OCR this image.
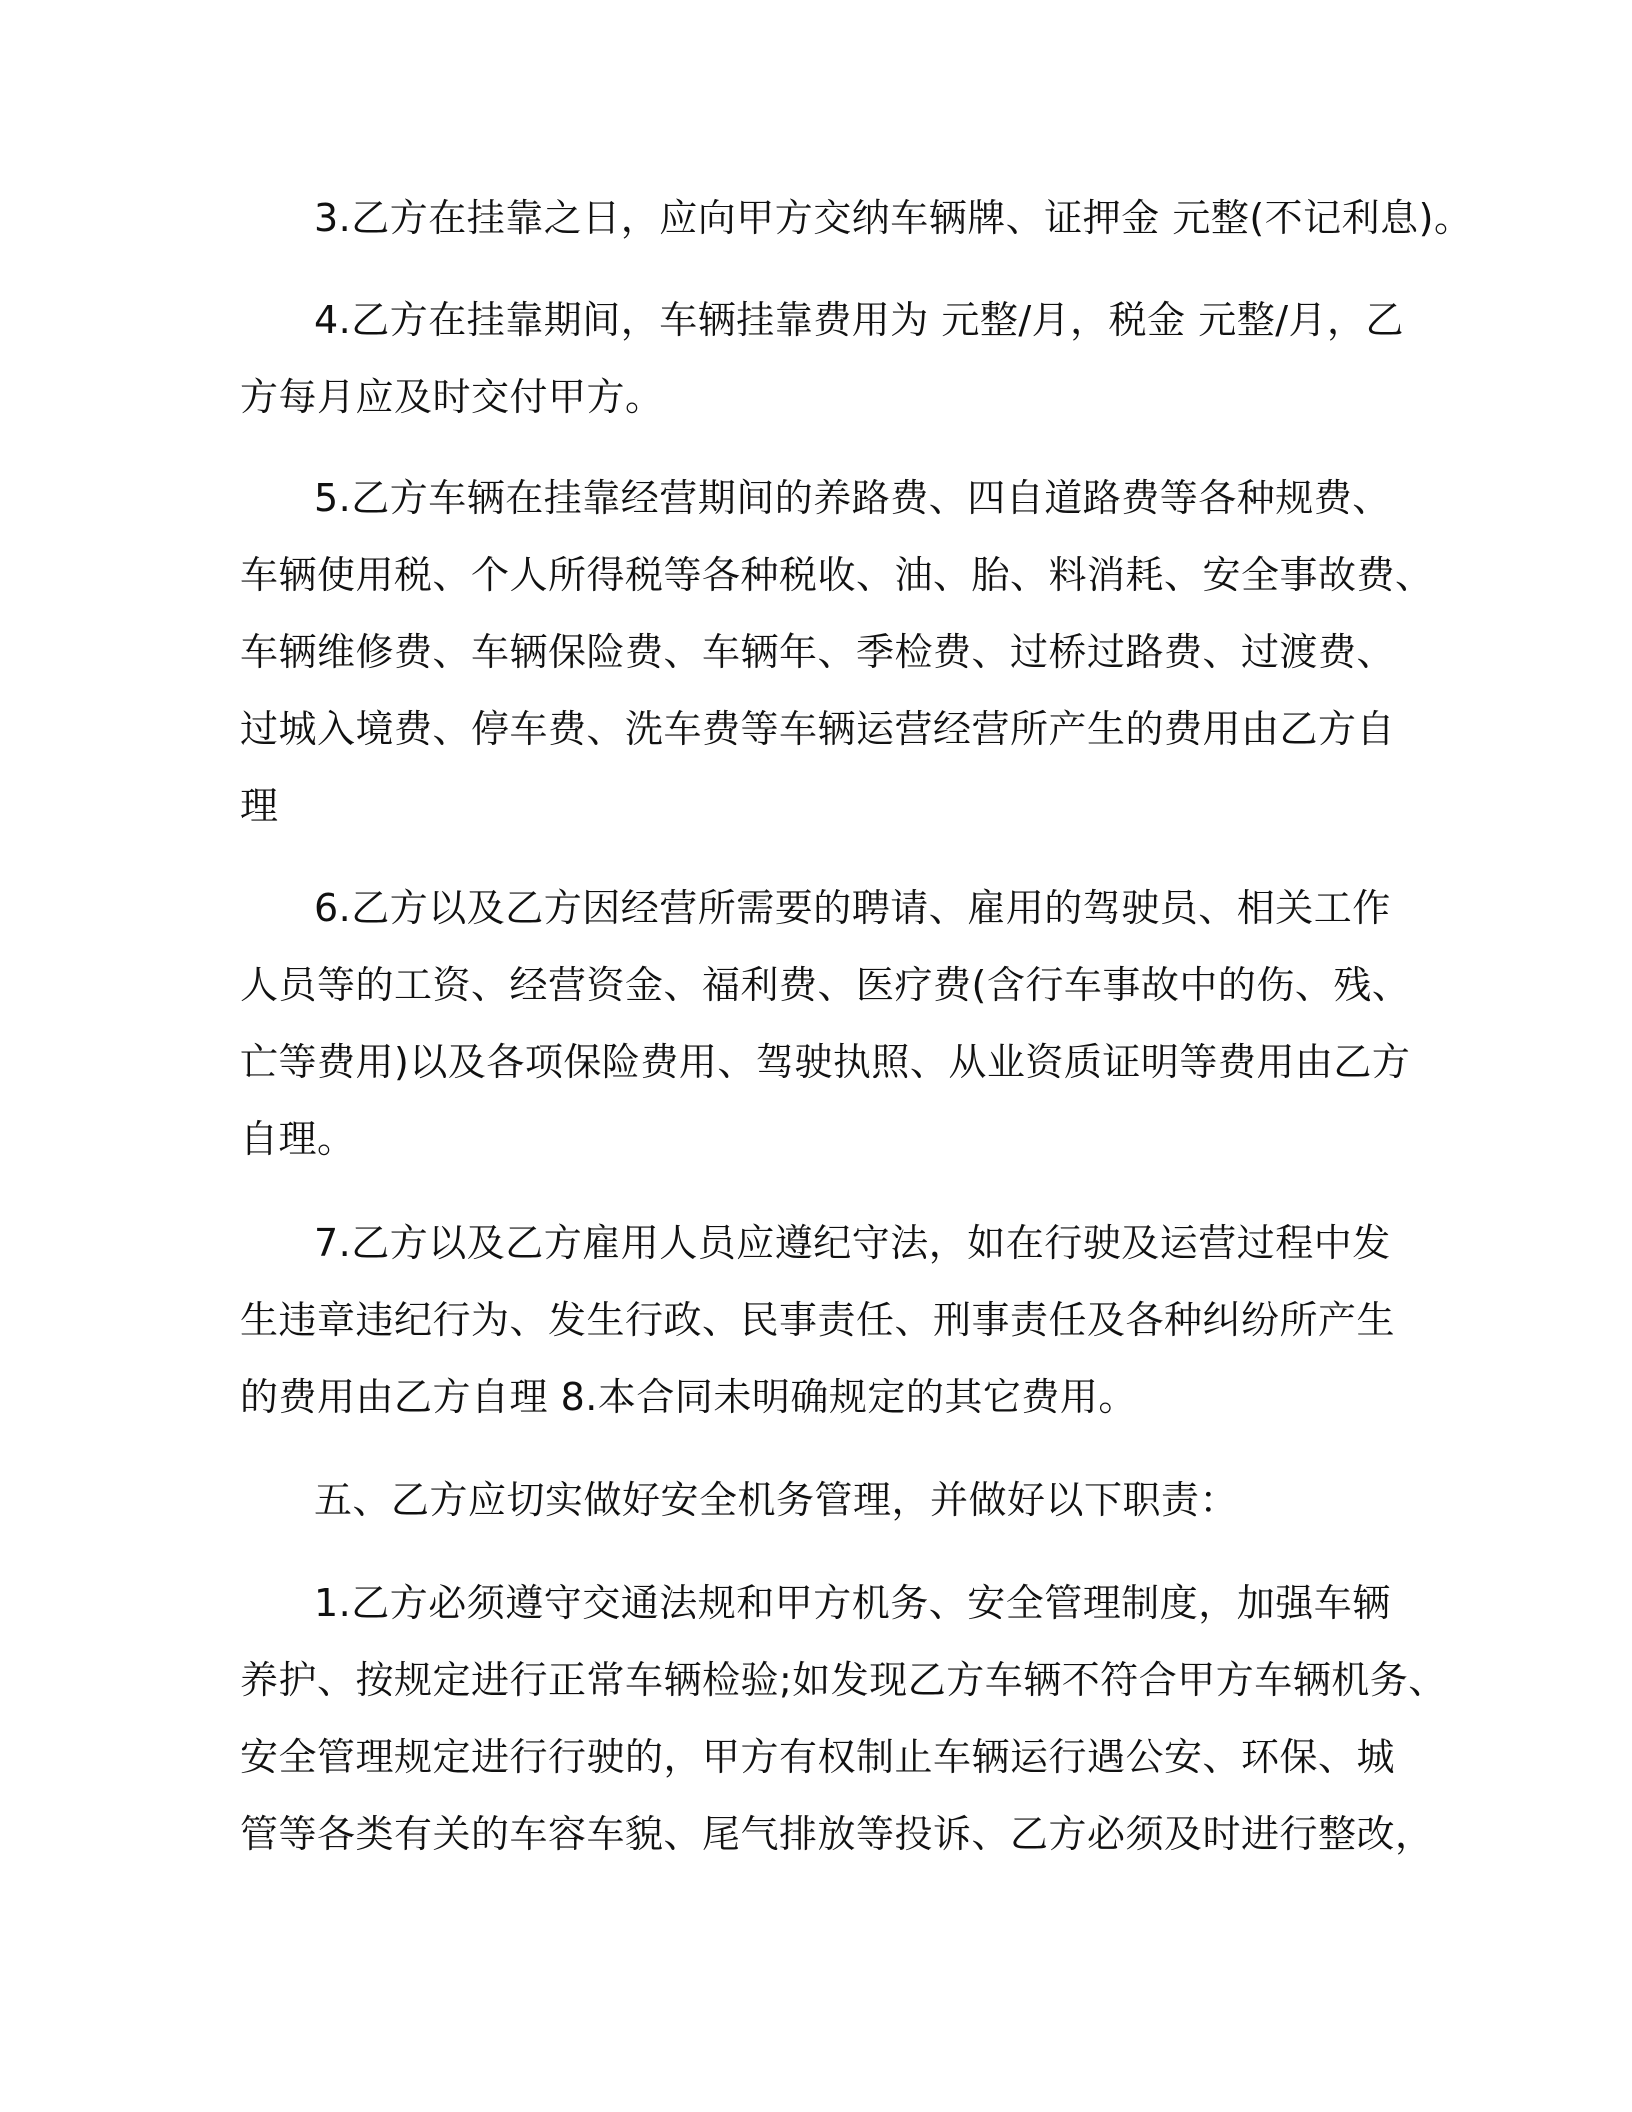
3.乙方在挂靠之日，应向甲方交纳车辆牌、证押金 元整(不记利息)。
4.乙方在挂靠期间，车辆挂靠费用为 元整/月，税金 元整/月，乙
方每月应及时交付甲方。
5.乙方车辆在挂靠经营期间的养路费、四自道路费等各种规费、
车辆使用税、个人所得税等各种税收、油、胎、料消耗、安全事故费、
车辆维修费、车辆保险费、车辆年、季检费、过桥过路费、过渡费、
过城入境费、停车费、洗车费等车辆运营经营所产生的费用由乙方自
理
6.乙方以及乙方因经营所需要的聘请、雇用的驾驶员、相关工作
人员等的工资、经营资金、福利费、医疗费(含行车事故中的伤、残、
亡等费用)以及各项保险费用、驾驶执照、从业资质证明等费用由乙方
自理。
7.乙方以及乙方雇用人员应遵纪守法，如在行驶及运营过程中发
生违章违纪行为、发生行政、民事责任、刑事责任及各种纠纷所产生
的费用由乙方自理 8.本合同未明确规定的其它费用。
五、乙方应切实做好安全机务管理，并做好以下职责：
1.乙方必须遵守交通法规和甲方机务、安全管理制度，加强车辆
养护、按规定进行正常车辆检验;如发现乙方车辆不符合甲方车辆机务、
安全管理规定进行行驶的，甲方有权制止车辆运行遇公安、环保、城
管等各类有关的车容车貌、尾气排放等投诉、乙方必须及时进行整改，
